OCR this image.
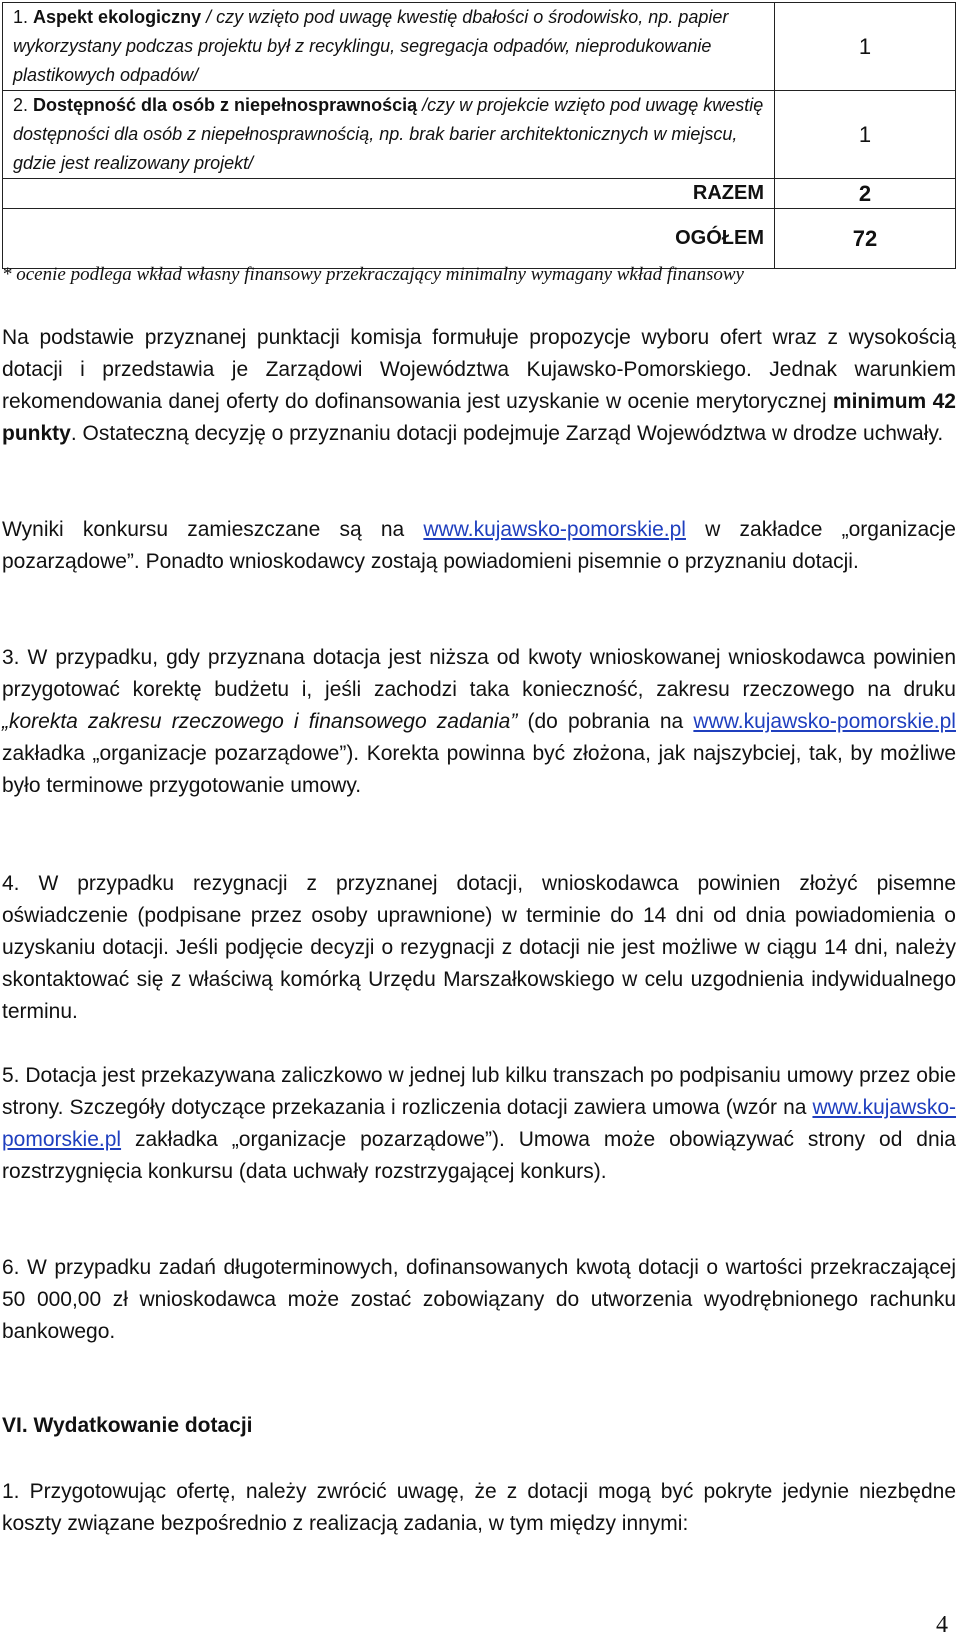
1. Aspekt ekologiczny / czy wzięto pod uwagę kwestię dbałości o środowisko, np. papier wykorzystany podczas projektu był z recyklingu, segregacja odpadów, nieprodukowanie plastikowych odpadów/	1
2. Dostępność dla osób z niepełnosprawnością /czy w projekcie wzięto pod uwagę kwestię dostępności dla osób z niepełnosprawnością, np. brak barier architektonicznych w miejscu, gdzie jest realizowany projekt/	1
RAZEM	2
OGÓŁEM	72
* ocenie podlega wkład własny finansowy przekraczający minimalny wymagany wkład finansowy

Na podstawie przyznanej punktacji komisja formułuje propozycje wyboru ofert wraz z wysokością dotacji i przedstawia je Zarządowi Województwa Kujawsko-Pomorskiego. Jednak warunkiem rekomendowania danej oferty do dofinansowania jest uzyskanie w ocenie merytorycznej minimum 42 punkty. Ostateczną decyzję o przyznaniu dotacji podejmuje Zarząd Województwa w drodze uchwały.

Wyniki konkursu zamieszczane są na www.kujawsko-pomorskie.pl w zakładce „organizacje pozarządowe”. Ponadto wnioskodawcy zostają powiadomieni pisemnie o przyznaniu dotacji.

3. W przypadku, gdy przyznana dotacja jest niższa od kwoty wnioskowanej wnioskodawca powinien przygotować korektę budżetu i, jeśli zachodzi taka konieczność, zakresu rzeczowego na druku „korekta zakresu rzeczowego i finansowego zadania” (do pobrania na www.kujawsko-pomorskie.pl zakładka „organizacje pozarządowe”). Korekta powinna być złożona, jak najszybciej, tak, by możliwe było terminowe przygotowanie umowy.

4. W przypadku rezygnacji z przyznanej dotacji, wnioskodawca powinien złożyć pisemne oświadczenie (podpisane przez osoby uprawnione) w terminie do 14 dni od dnia powiadomienia o uzyskaniu dotacji. Jeśli podjęcie decyzji o rezygnacji z dotacji nie jest możliwe w ciągu 14 dni, należy skontaktować się z właściwą komórką Urzędu Marszałkowskiego w celu uzgodnienia indywidualnego terminu.

5. Dotacja jest przekazywana zaliczkowo w jednej lub kilku transzach po podpisaniu umowy przez obie strony. Szczegóły dotyczące przekazania i rozliczenia dotacji zawiera umowa (wzór na www.kujawsko-pomorskie.pl zakładka „organizacje pozarządowe”). Umowa może obowiązywać strony od dnia rozstrzygnięcia konkursu (data uchwały rozstrzygającej konkurs).

6. W przypadku zadań długoterminowych, dofinansowanych kwotą dotacji o wartości przekraczającej 50 000,00 zł wnioskodawca może zostać zobowiązany do utworzenia wyodrębnionego rachunku bankowego.

VI. Wydatkowanie dotacji

1. Przygotowując ofertę, należy zwrócić uwagę, że z dotacji mogą być pokryte jedynie niezbędne koszty związane bezpośrednio z realizacją zadania, w tym między innymi:

4
